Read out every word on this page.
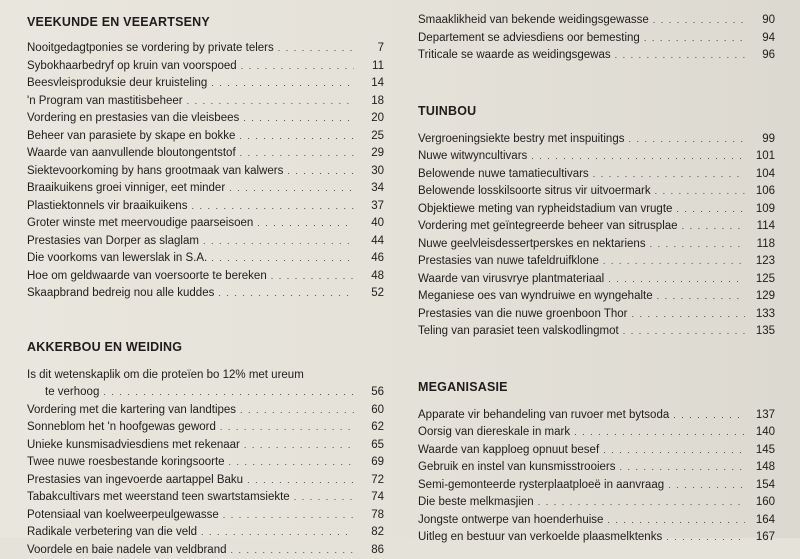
VEEKUNDE EN VEEARTSENY
Nooitgedagtponies se vordering by private telers . . .	7
Sybokhaarbedryf op kruin van voorspoed . . .	11
Beesvleisproduksie deur kruisteling . . .	14
'n Program van mastitisbeheer . . .	18
Vordering en prestasies van die vleisbees . . .	20
Beheer van parasiete by skape en bokke . . .	25
Waarde van aanvullende bloutongentstof . . .	29
Siektevoorkoming by hans grootmaak van kalwers . . .	30
Braaikuikens groei vinniger, eet minder . . .	34
Plastiektonnels vir braaikuikens . . .	37
Groter winste met meervoudige paarseisoen . . .	40
Prestasies van Dorper as slaglam . . .	44
Die voorkoms van lewerslak in S.A. . . .	46
Hoe om geldwaarde van voersoorte te bereken . . .	48
Skaapbrand bedreig nou alle kuddes . . .	52
AKKERBOU EN WEIDING
Is dit wetenskaplik om die proteïen bo 12% met ureum
te verhoog . . .	56
Vordering met die kartering van landtipes . . .	60
Sonneblom het 'n hoofgewas geword . . .	62
Unieke kunsmisadviesdiens met rekenaar . . .	65
Twee nuwe roesbestande koringsoorte . . .	69
Prestasies van ingevoerde aartappel Baku . . .	72
Tabakcultivars met weerstand teen swartstamsiekte . . .	74
Potensiaal van koelweerpeulgewasse . . .	78
Radikale verbetering van die veld . . .	82
Voordele en baie nadele van veldbrand . . .	86
Smaaklikheid van bekende weidingsgewasse . . .	90
Departement se adviesdiens oor bemesting . . .	94
Triticale se waarde as weidingsgewas . . .	96
TUINBOU
Vergroeningsiekte bestry met inspuitings . . .	99
Nuwe witwyncultivars . . .	101
Belowende nuwe tamatiecultivars . . .	104
Belowende losskilsoorte sitrus vir uitvoermark . . .	106
Objektiewe meting van rypheidstadium van vrugte . . .	109
Vordering met geïntegreerde beheer van sitrusplae . . .	114
Nuwe geelvleisdessertperskes en nektariens . . .	118
Prestasies van nuwe tafeldruifklone . . .	123
Waarde van virusvrye plantmateriaal . . .	125
Meganiese oes van wyndruiwe en wyngehalte . . .	129
Prestasies van die nuwe groenboon Thor . . .	133
Teling van parasiet teen valskodlingmot . . .	135
MEGANISASIE
Apparate vir behandeling van ruvoer met bytsoda . . .	137
Oorsig van diereskale in mark . . .	140
Waarde van kapploeg opnuut besef . . .	145
Gebruik en instel van kunsmisstrooiers . . .	148
Semi-gemonteerde rysterplaatploeë in aanvraag . . .	154
Die beste melkmasjien . . .	160
Jongste ontwerpe van hoenderhuise . . .	164
Uitleg en bestuur van verkoelde plaasmelktenks . . .	167
